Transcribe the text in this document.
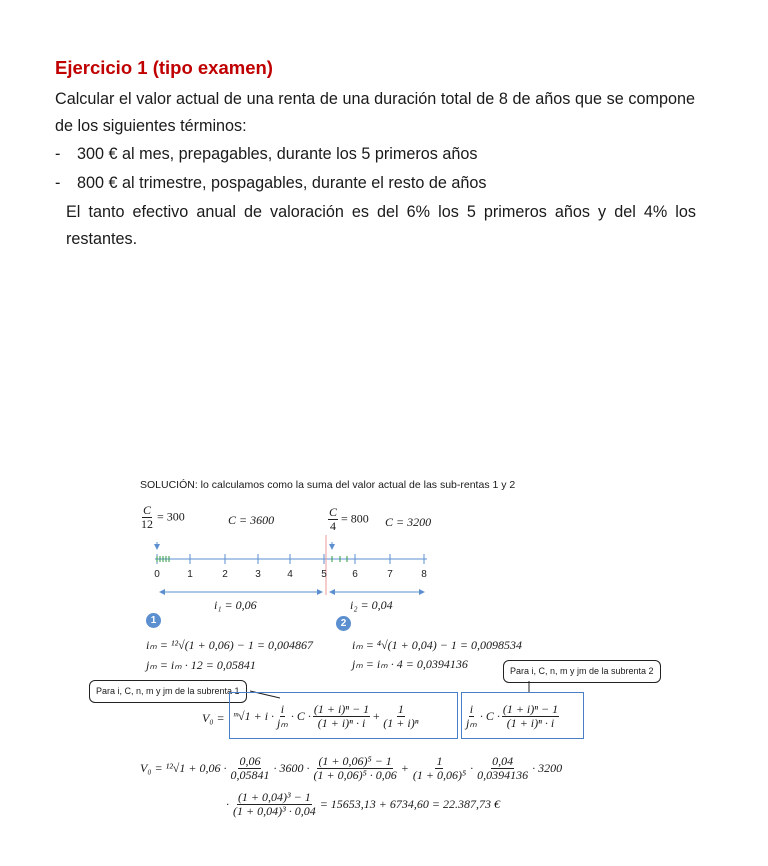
Ejercicio 1 (tipo examen)
Calcular el valor actual de una renta de una duración total de 8 de años que se compone de los siguientes términos:
- 300 € al mes, prepagables, durante los 5 primeros años
- 800 € al trimestre, pospagables, durante el resto de años
El tanto efectivo anual de valoración es del 6% los 5 primeros años y del 4% los restantes.
SOLUCIÓN: lo calculamos como la suma del valor actual de las sub-rentas 1 y 2
$\frac{C}{12} = 300$	C = 3600	$\frac{C}{4} = 800$ C = 3200
0	1	2	3	4	5	6	7	8
i₁ = 0,06	i₂ = 0,04
1	2
iₘ = ¹²√(1 + 0,06) − 1 = 0,004867
jₘ = iₘ · 12 = 0,05841
iₘ = ⁴√(1 + 0,04) − 1 = 0,0098534
jₘ = iₘ · 4 = 0,0394136
Para i, C, n, m y jm de la subrenta 1
Para i, C, n, m y jm de la subrenta 2
V₀ = ᵐ√1 + $i \cdot \frac{i}{\text{jₘ}} \cdot C \cdot \frac{\text{(1 + i)ⁿ − 1}}{\text{(1 + i)ⁿ · i}} + \frac{1}{\text{(1 + i)ⁿ}}$	$\frac{i}{\text{jₘ}} \cdot C \cdot \frac{\text{(1 + i)ⁿ − 1}}{\text{(1 + i)ⁿ · i}}$
$V_0 = ^{12}√1 + 0,06 \cdot \frac{0,06}{0,05841} \cdot 3600 \cdot \frac{\text{(1 + 0,06)⁵ − 1}}{\text{(1 + 0,06)⁵ · 0,06}} + \frac{1}{\text{(1 + 0,06)⁵}} \cdot \frac{0,04}{0,0394136} \cdot 3200$
· $\frac{\text{(1 + 0,04)³ − 1}}{\text{(1 + 0,04)³ · 0,04}} = 15653,13 + 6734,60 = 22.387,73$ €
